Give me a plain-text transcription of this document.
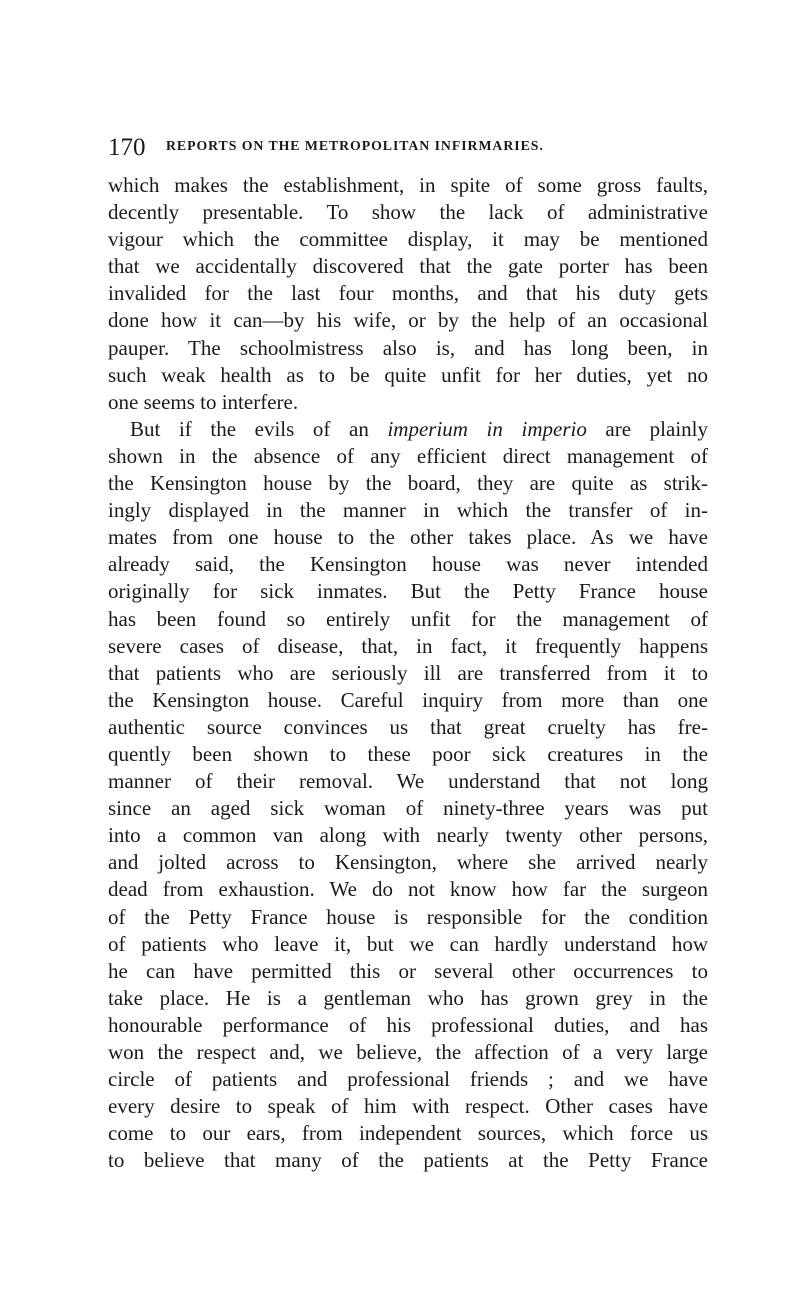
170 REPORTS ON THE METROPOLITAN INFIRMARIES.
which makes the establishment, in spite of some gross faults,
decently presentable. To show the lack of administrative
vigour which the committee display, it may be mentioned
that we accidentally discovered that the gate porter has been
invalided for the last four months, and that his duty gets
done how it can—by his wife, or by the help of an occasional
pauper. The schoolmistress also is, and has long been, in
such weak health as to be quite unfit for her duties, yet no
one seems to interfere.
But if the evils of an imperium in imperio are plainly
shown in the absence of any efficient direct management of
the Kensington house by the board, they are quite as strik-
ingly displayed in the manner in which the transfer of in-
mates from one house to the other takes place. As we have
already said, the Kensington house was never intended
originally for sick inmates. But the Petty France house
has been found so entirely unfit for the management of
severe cases of disease, that, in fact, it frequently happens
that patients who are seriously ill are transferred from it to
the Kensington house. Careful inquiry from more than one
authentic source convinces us that great cruelty has fre-
quently been shown to these poor sick creatures in the
manner of their removal. We understand that not long
since an aged sick woman of ninety-three years was put
into a common van along with nearly twenty other persons,
and jolted across to Kensington, where she arrived nearly
dead from exhaustion. We do not know how far the surgeon
of the Petty France house is responsible for the condition
of patients who leave it, but we can hardly understand how
he can have permitted this or several other occurrences to
take place. He is a gentleman who has grown grey in the
honourable performance of his professional duties, and has
won the respect and, we believe, the affection of a very large
circle of patients and professional friends ; and we have
every desire to speak of him with respect. Other cases have
come to our ears, from independent sources, which force us
to believe that many of the patients at the Petty France
